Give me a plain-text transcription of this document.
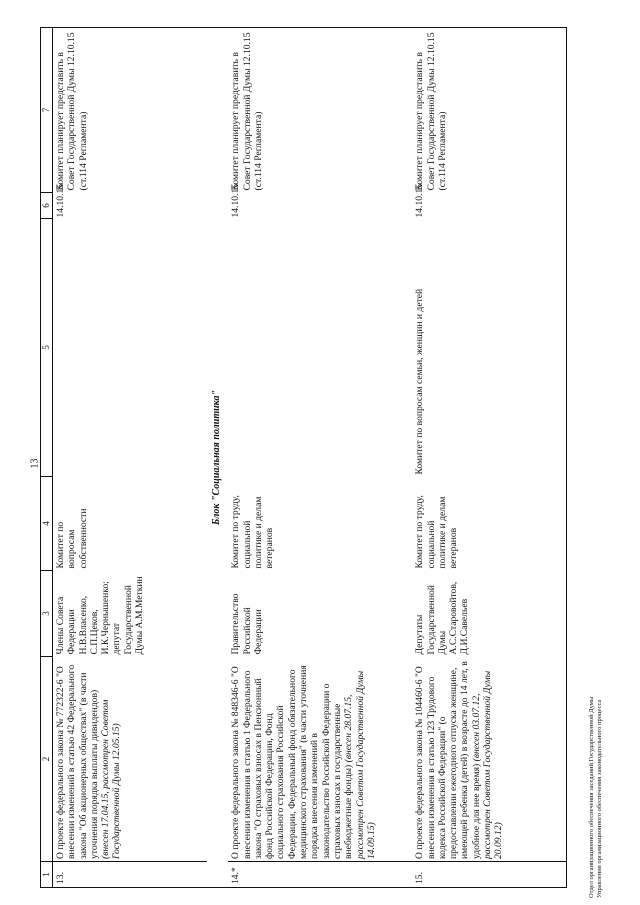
13
1	2	3	4	5	6	7
13.	О проекте федерального закона № 772322-6 "О внесении изменений в статью 42 Федерального закона "Об акционерных обществах" (в части уточнения порядка выплаты дивидендов) (внесен 17.04.15, рассмотрен Советом Государственной Думы 12.05.15)	Члены Совета Федерации Н.В.Власенко, С.П.Цеков, И.К.Чернышенко; депутат Государственной Думы А.М.Меткин	Комитет по вопросам собственности		14.10.15	Комитет планирует представить в Совет Государственной Думы 12.10.15 (ст.114 Регламента)
Блок "Социальная политика"						
14.*	О проекте федерального закона № 848346-6 "О внесении изменения в статью 1 Федерального закона "О страховых взносах в Пенсионный фонд Российской Федерации, Фонд социального страхования Российской Федерации, Федеральный фонд обязательного медицинского страхования" (в части уточнения порядка внесения изменений в законодательство Российской Федерации о страховых взносах в государственные внебюджетные фонды) (внесен 28.07.15, рассмотрен Советом Государственной Думы 14.09.15)	Правительство Российской Федерации	Комитет по труду, социальной политике и делам ветеранов		14.10.15	Комитет планирует представить в Совет Государственной Думы 12.10.15 (ст.114 Регламента)
15.	О проекте федерального закона № 104460-6 "О внесении изменения в статью 123 Трудового кодекса Российской Федерации" (о предоставлении ежегодного отпуска женщине, имеющей ребенка (детей) в возрасте до 14 лет, в удобное для нее время) (внесен 03.07.12, рассмотрен Советом Государственной Думы 20.09.12)	Депутаты Государственной Думы А.С.Старовойтов, Д.И.Савельев	Комитет по труду, социальной политике и делам ветеранов	Комитет по вопросам семьи, женщин и детей	14.10.15	Комитет планирует представить в Совет Государственной Думы 12.10.15 (ст.114 Регламента)
Отдел организационного обеспечения заседаний Государственной Думы Управления организационного обеспечения законодательного процесса
